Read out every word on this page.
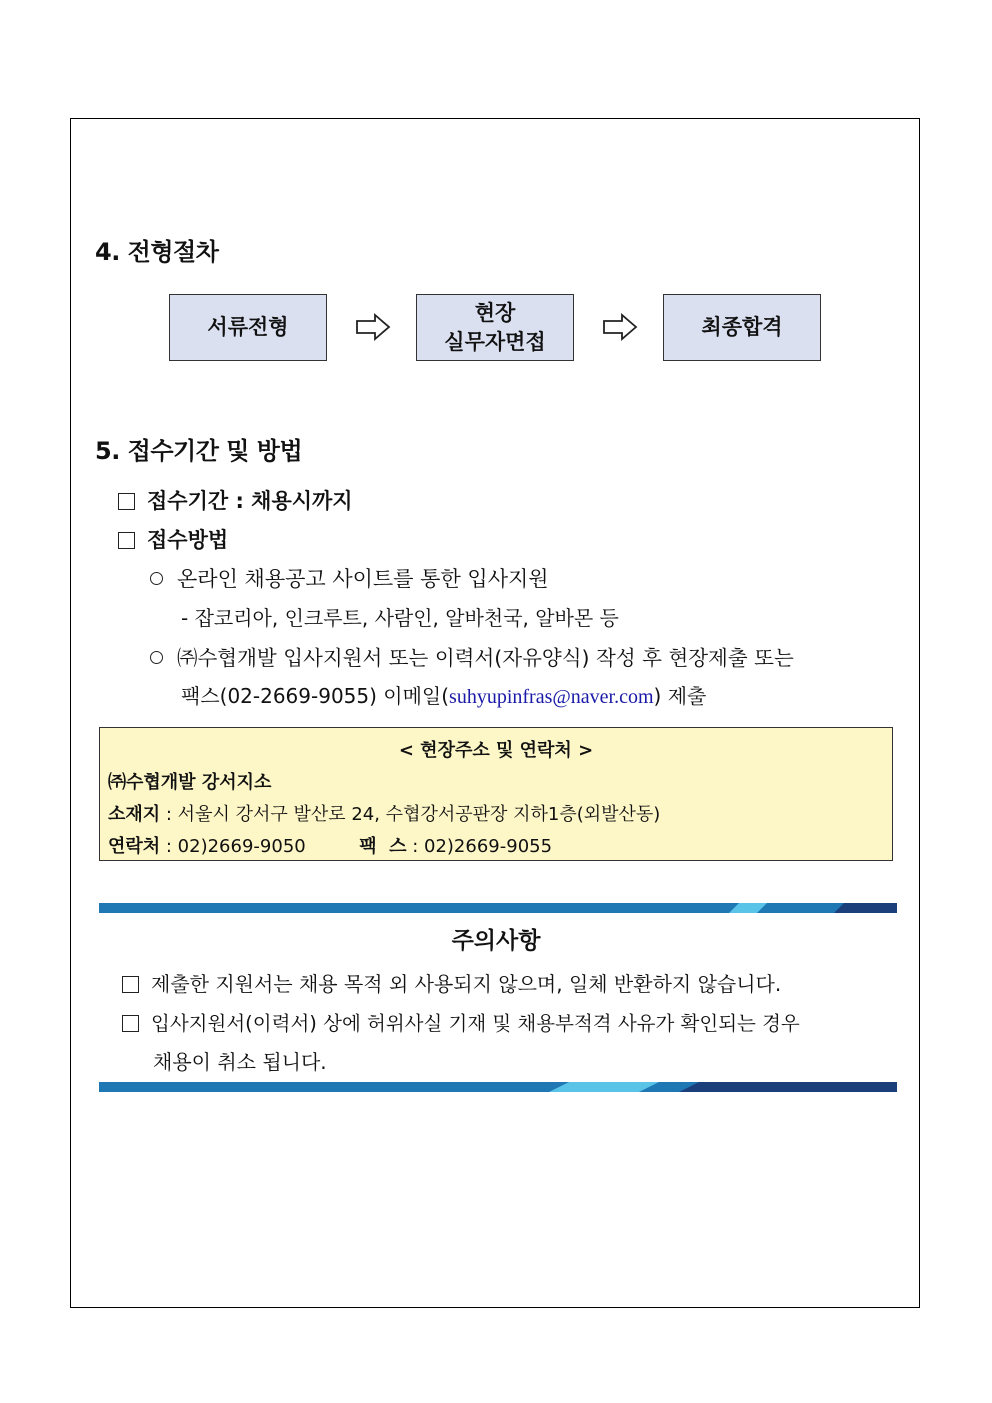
4. 전형절차
서류전형
현장
실무자면접
최종합격
5. 접수기간 및 방법
접수기간 : 채용시까지
접수방법
온라인 채용공고 사이트를 통한 입사지원
- 잡코리아, 인크루트, 사람인, 알바천국, 알바몬 등
㈜수협개발 입사지원서 또는 이력서(자유양식) 작성 후 현장제출 또는
팩스(02-2669-9055) 이메일(suhyupinfras@naver.com) 제출
< 현장주소 및 연락처 >
㈜수협개발 강서지소
소재지 : 서울시 강서구 발산로 24, 수협강서공판장 지하1층(외발산동)
연락처 : 02)2669-9050	팩  스 : 02)2669-9055
주의사항
제출한 지원서는 채용 목적 외 사용되지 않으며, 일체 반환하지 않습니다.
입사지원서(이력서) 상에 허위사실 기재 및 채용부적격 사유가 확인되는 경우
채용이 취소 됩니다.
